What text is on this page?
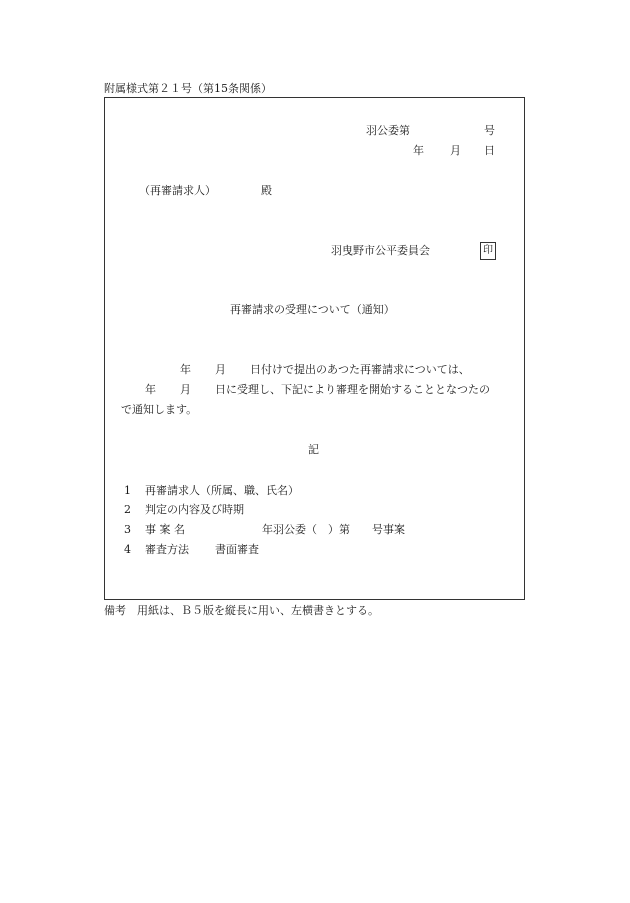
附属様式第２１号（第15条関係）
羽公委第	号
年 月 日
（再審請求人）	殿
羽曳野市公平委員会	印
再審請求の受理について（通知）
年 月 日付けで提出のあつた再審請求については、
年 月 日に受理し、下記により審理を開始することとなつたの
で通知します。
記
1 再審請求人（所属、職、氏名）
2 判定の内容及び時期
3 事 案 名	年羽公委（　）第　　号事案
4 審査方法 書面審査
備考　用紙は、Ｂ５版を縦長に用い、左横書きとする。
